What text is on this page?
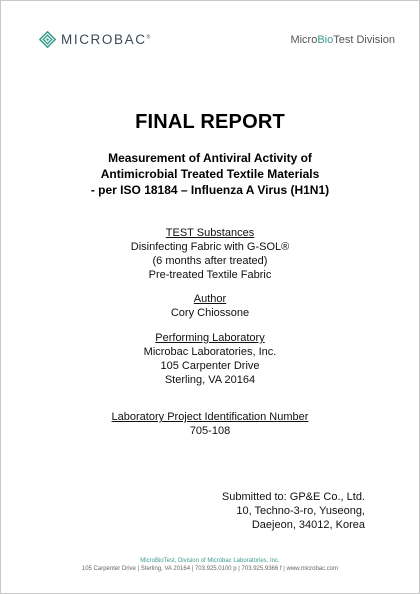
MICROBAC®	MicroBioTest Division
FINAL REPORT
Measurement of Antiviral Activity of
Antimicrobial Treated Textile Materials
- per ISO 18184 – Influenza A Virus (H1N1)
TEST Substances
Disinfecting Fabric with G-SOL®
(6 months after treated)
Pre-treated Textile Fabric
Author
Cory Chiossone
Performing Laboratory
Microbac Laboratories, Inc.
105 Carpenter Drive
Sterling, VA 20164
Laboratory Project Identification Number
705-108
Submitted to: GP&E Co., Ltd.
10, Techno-3-ro, Yuseong,
Daejeon, 34012, Korea
MicroBioTest, Division of Microbac Laboratories, Inc.
105 Carpenter Drive | Sterling, VA 20164 | 703.925.0100 p | 703.925.9366 f | www.microbac.com
